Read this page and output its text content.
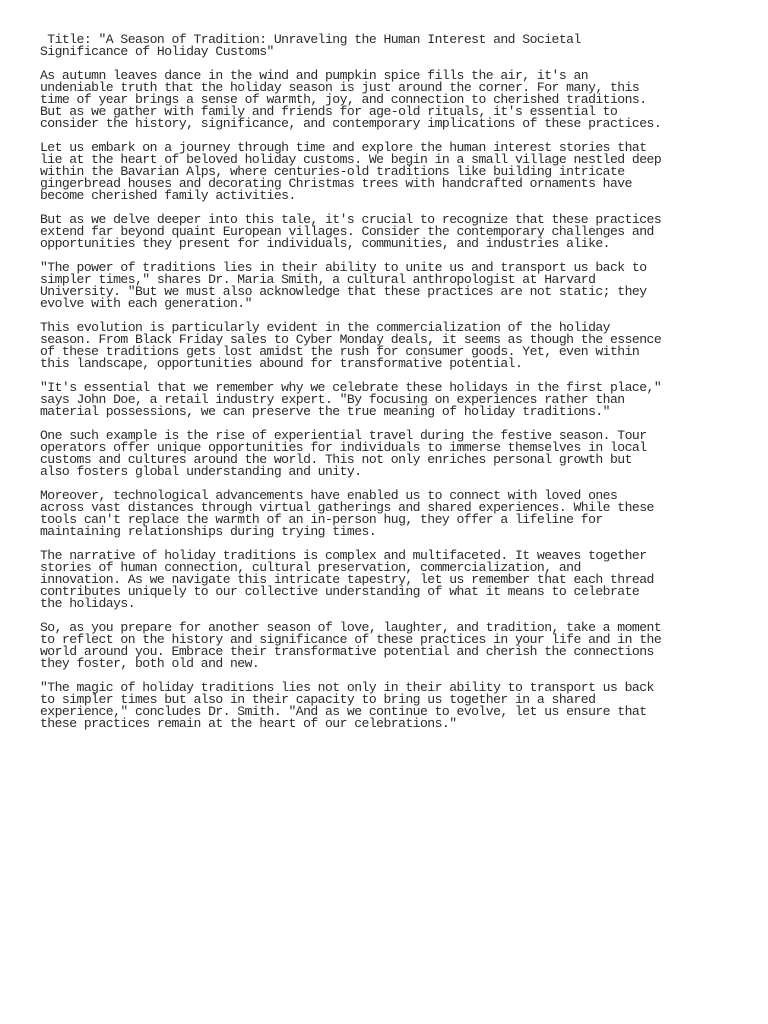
Title: "A Season of Tradition: Unraveling the Human Interest and Societal
Significance of Holiday Customs"
As autumn leaves dance in the wind and pumpkin spice fills the air, it's an
undeniable truth that the holiday season is just around the corner. For many, this
time of year brings a sense of warmth, joy, and connection to cherished traditions.
But as we gather with family and friends for age-old rituals, it's essential to
consider the history, significance, and contemporary implications of these practices.
Let us embark on a journey through time and explore the human interest stories that
lie at the heart of beloved holiday customs. We begin in a small village nestled deep
within the Bavarian Alps, where centuries-old traditions like building intricate
gingerbread houses and decorating Christmas trees with handcrafted ornaments have
become cherished family activities.
But as we delve deeper into this tale, it's crucial to recognize that these practices
extend far beyond quaint European villages. Consider the contemporary challenges and
opportunities they present for individuals, communities, and industries alike.
"The power of traditions lies in their ability to unite us and transport us back to
simpler times," shares Dr. Maria Smith, a cultural anthropologist at Harvard
University. "But we must also acknowledge that these practices are not static; they
evolve with each generation."
This evolution is particularly evident in the commercialization of the holiday
season. From Black Friday sales to Cyber Monday deals, it seems as though the essence
of these traditions gets lost amidst the rush for consumer goods. Yet, even within
this landscape, opportunities abound for transformative potential.
"It's essential that we remember why we celebrate these holidays in the first place,"
says John Doe, a retail industry expert. "By focusing on experiences rather than
material possessions, we can preserve the true meaning of holiday traditions."
One such example is the rise of experiential travel during the festive season. Tour
operators offer unique opportunities for individuals to immerse themselves in local
customs and cultures around the world. This not only enriches personal growth but
also fosters global understanding and unity.
Moreover, technological advancements have enabled us to connect with loved ones
across vast distances through virtual gatherings and shared experiences. While these
tools can't replace the warmth of an in-person hug, they offer a lifeline for
maintaining relationships during trying times.
The narrative of holiday traditions is complex and multifaceted. It weaves together
stories of human connection, cultural preservation, commercialization, and
innovation. As we navigate this intricate tapestry, let us remember that each thread
contributes uniquely to our collective understanding of what it means to celebrate
the holidays.
So, as you prepare for another season of love, laughter, and tradition, take a moment
to reflect on the history and significance of these practices in your life and in the
world around you. Embrace their transformative potential and cherish the connections
they foster, both old and new.
"The magic of holiday traditions lies not only in their ability to transport us back
to simpler times but also in their capacity to bring us together in a shared
experience," concludes Dr. Smith. "And as we continue to evolve, let us ensure that
these practices remain at the heart of our celebrations."
